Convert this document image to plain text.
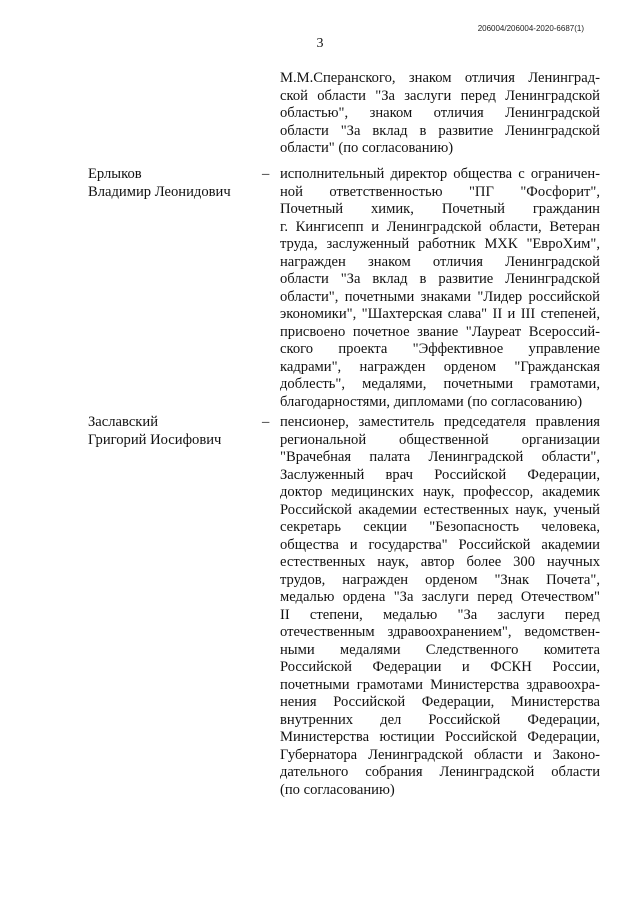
206004/206004-2020-6687(1)
3
М.М.Сперанского, знаком отличия Ленинград-
ской области "За заслуги перед Ленинградской
областью", знаком отличия Ленинградской
области "За вклад в развитие Ленинградской
области" (по согласованию)
Ерлыков
Владимир Леонидович
– исполнительный директор общества с ограничен-
ной ответственностью "ПГ "Фосфорит",
Почетный химик, Почетный гражданин
г. Кингисепп и Ленинградской области, Ветеран
труда, заслуженный работник МХК "ЕвроХим",
награжден знаком отличия Ленинградской
области "За вклад в развитие Ленинградской
области", почетными знаками "Лидер российской
экономики", "Шахтерская слава" II и III степеней,
присвоено почетное звание "Лауреат Всероссий-
ского проекта "Эффективное управление
кадрами", награжден орденом "Гражданская
доблесть", медалями, почетными грамотами,
благодарностями, дипломами (по согласованию)
Заславский
Григорий Иосифович
– пенсионер, заместитель председателя правления
региональной общественной организации
"Врачебная палата Ленинградской области",
Заслуженный врач Российской Федерации,
доктор медицинских наук, профессор, академик
Российской академии естественных наук, ученый
секретарь секции "Безопасность человека,
общества и государства" Российской академии
естественных наук, автор более 300 научных
трудов, награжден орденом "Знак Почета",
медалью ордена "За заслуги перед Отечеством"
II степени, медалью "За заслуги перед
отечественным здравоохранением", ведомствен-
ными медалями Следственного комитета
Российской Федерации и ФСКН России,
почетными грамотами Министерства здравоохра-
нения Российской Федерации, Министерства
внутренних дел Российской Федерации,
Министерства юстиции Российской Федерации,
Губернатора Ленинградской области и Законо-
дательного собрания Ленинградской области
(по согласованию)
